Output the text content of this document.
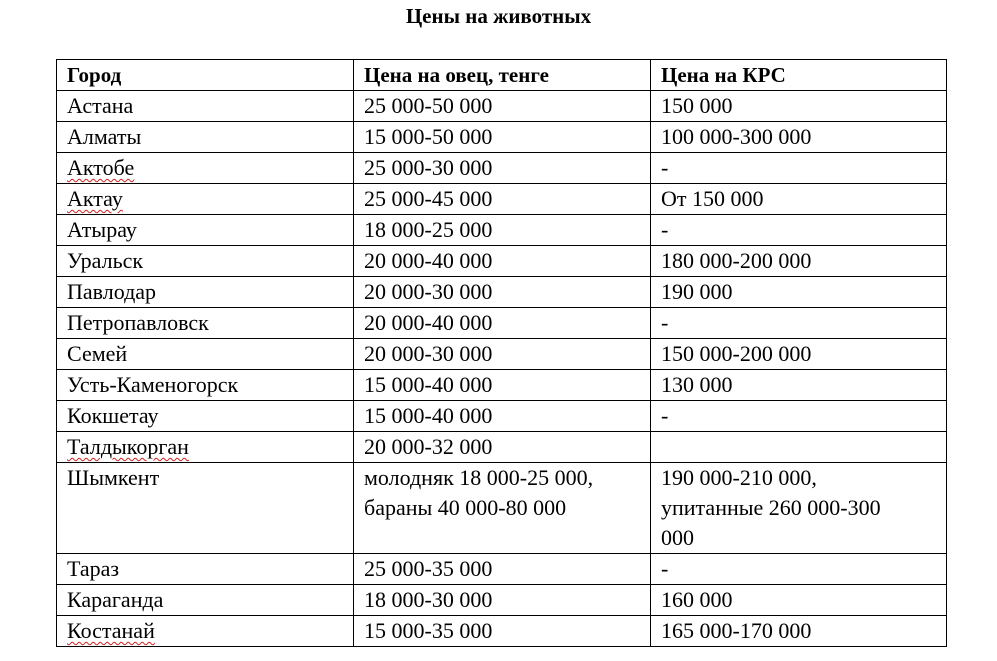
Цены на животных
Город	Цена на овец, тенге	Цена на КРС
Астана	25 000-50 000	150 000

Алматы	15 000-50 000	100 000-300 000

Актобе	25 000-30 000	-

Актау	25 000-45 000	От 150 000

Атырау	18 000-25 000	-

Уральск	20 000-40 000	180 000-200 000

Павлодар	20 000-30 000	190 000

Петропавловск	20 000-40 000	-

Семей	20 000-30 000	150 000-200 000

Усть-Каменогорск	15 000-40 000	130 000

Кокшетау	15 000-40 000	-

Талдыкорган	20 000-32 000	

Шымкент	молодняк 18 000-25 000,
бараны 40 000-80 000	190 000-210 000,
упитанные 260 000-300
000

Тараз	25 000-35 000	-

Караганда	18 000-30 000	160 000

Костанай	15 000-35 000	165 000-170 000
